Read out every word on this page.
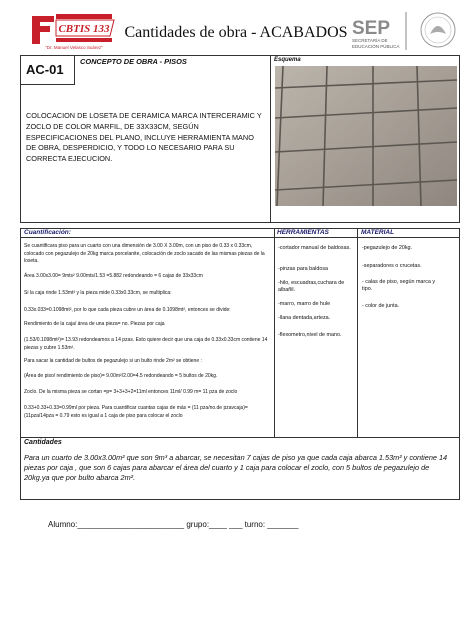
CBTIS 133
"Dr. Manuel Velasco Suárez"
Cantidades de obra - ACABADOS SEP
SECRETARÍA DE
EDUCACIÓN PÚBLICA
AC-01
CONCEPTO DE OBRA - PISOS	Esquema
COLOCACION DE LOSETA DE CERAMICA MARCA INTERCERAMIC Y ZOCLO DE COLOR MARFIL, DE 33X33CM, SEGÚN ESPECIFICACIONES DEL PLANO, INCLUYE HERRAMIENTA MANO DE OBRA, DESPERDICIO, Y TODO LO NECESARIO PARA SU CORRECTA EJECUCION.
Cuantificación:	HERRAMIENTAS	MATERIAL
Se cuantificara piso para un cuarto con una dimensión de 3.00 X 3.00m, con un piso de 0.33 x 0.33cm, colocado con pegazulejo de 20kg marca porcelanite, colocación de zoclo sacado de las mismas piezas de la loseta.
Área 3.00x3.00= 9mts² 9.00mts/1.53 =5.882 redondeando = 6 cajas de 33x33cm
Si la caja rinde 1.53mt² y la pieza mide 0.33x0.33cm, se multiplica:
0.33x.033=0.1098mt², por lo que cada pieza cubre un área de 0.1098mt², entonces se divide:
Rendimiento de la caja/ área de una pieza= no. Piezas por caja
(1.53/0.1098mt²)= 13.93 redondeamos a 14 pzas. Esto quiere decir que una caja de 0.33x0.33cm contiene 14 piezas y cubre 1.53m².
Para sacar la cantidad de bultos de pegazulejo si un bulto rinde 2m² se obtiene :
(Área de piso/ rendimiento de piso)= 9.00m²/2.00=4.5 redondeando = 5 bultos de 20kg.
Zoclo. De la misma pieza se cortan =p= 3+3+3+2=11ml entonces 11ml/ 0.99 m= 11 pza de zoclo
0.33+0.33+0.33=0.99ml por pieza. Para cuantificar cuantas cajas de más = (11 pza/no.de pzavcaja)= (11pza/14pza = 0.79 esto es igual a 1 caja de piso para colocar el zoclo
-cortador manual de baldosas.
-pinzas para baldosa
-hilo, escuadras,cuchara de albañil.
-marro, marro de hule
-llana dentada,arteza.
-flexometro,nivel de mano.
-pegazulejo de 20kg.
-separadores o crucetas.
- calas de piso, según marca y tipo.
- color de junta.
Cantidades
Para un cuarto de 3.00x3.00m² que son 9m³ a abarcar, se necesitan 7 cajas de piso ya que cada caja abarca 1.53m² y contiene 14 piezas por caja , que son 6 cajas para abarcar el área del cuarto y 1 caja para colocar el zoclo, con 5 bultos de pegazulejo de 20kg.ya que por bulto abarca 2m².
Alumno:________________________ grupo:____ ___ turno: _______
